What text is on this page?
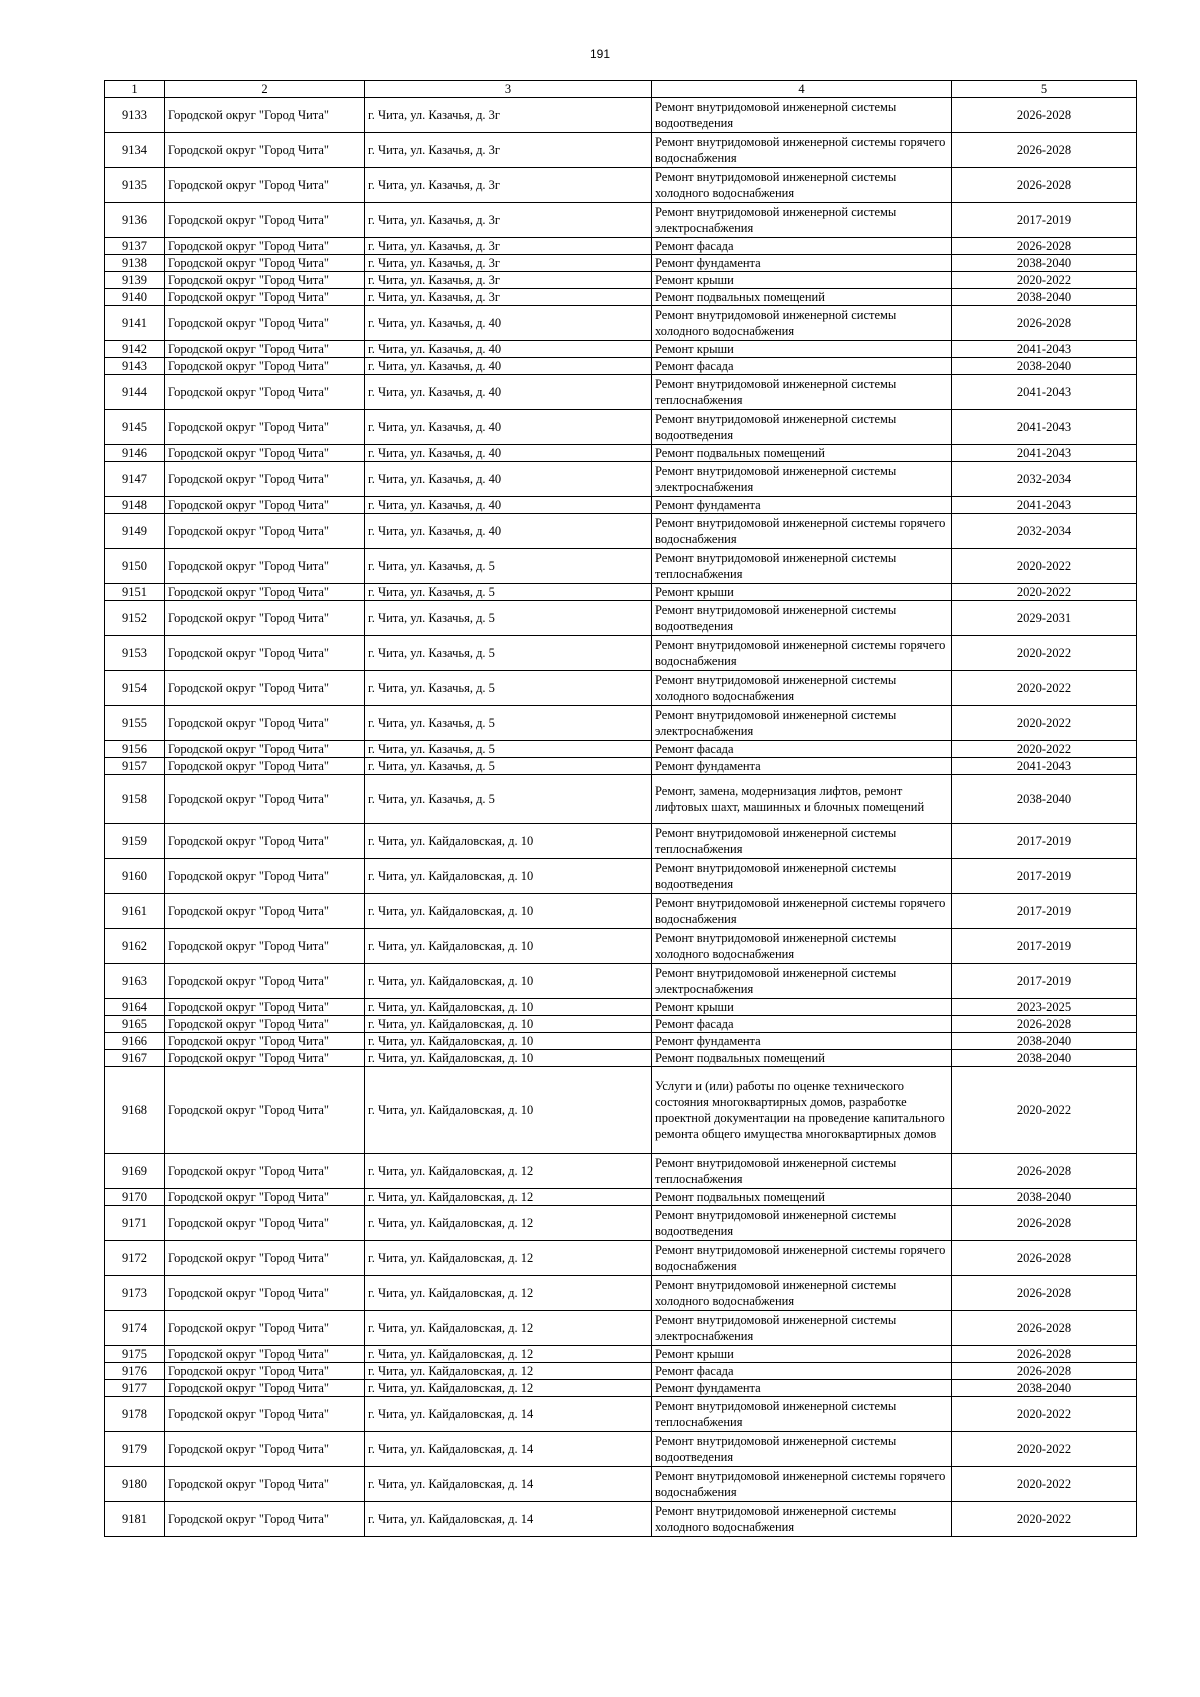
191
1	2	3	4	5
9133	Городской округ "Город Чита"	г. Чита, ул. Казачья, д. 3г	Ремонт внутридомовой инженерной системы водоотведения	2026-2028
9134	Городской округ "Город Чита"	г. Чита, ул. Казачья, д. 3г	Ремонт внутридомовой инженерной системы горячего водоснабжения	2026-2028
9135	Городской округ "Город Чита"	г. Чита, ул. Казачья, д. 3г	Ремонт внутридомовой инженерной системы холодного водоснабжения	2026-2028
9136	Городской округ "Город Чита"	г. Чита, ул. Казачья, д. 3г	Ремонт внутридомовой инженерной системы электроснабжения	2017-2019
9137	Городской округ "Город Чита"	г. Чита, ул. Казачья, д. 3г	Ремонт фасада	2026-2028
9138	Городской округ "Город Чита"	г. Чита, ул. Казачья, д. 3г	Ремонт фундамента	2038-2040
9139	Городской округ "Город Чита"	г. Чита, ул. Казачья, д. 3г	Ремонт крыши	2020-2022
9140	Городской округ "Город Чита"	г. Чита, ул. Казачья, д. 3г	Ремонт подвальных помещений	2038-2040
9141	Городской округ "Город Чита"	г. Чита, ул. Казачья, д. 40	Ремонт внутридомовой инженерной системы холодного водоснабжения	2026-2028
9142	Городской округ "Город Чита"	г. Чита, ул. Казачья, д. 40	Ремонт крыши	2041-2043
9143	Городской округ "Город Чита"	г. Чита, ул. Казачья, д. 40	Ремонт фасада	2038-2040
9144	Городской округ "Город Чита"	г. Чита, ул. Казачья, д. 40	Ремонт внутридомовой инженерной системы теплоснабжения	2041-2043
9145	Городской округ "Город Чита"	г. Чита, ул. Казачья, д. 40	Ремонт внутридомовой инженерной системы водоотведения	2041-2043
9146	Городской округ "Город Чита"	г. Чита, ул. Казачья, д. 40	Ремонт подвальных помещений	2041-2043
9147	Городской округ "Город Чита"	г. Чита, ул. Казачья, д. 40	Ремонт внутридомовой инженерной системы электроснабжения	2032-2034
9148	Городской округ "Город Чита"	г. Чита, ул. Казачья, д. 40	Ремонт фундамента	2041-2043
9149	Городской округ "Город Чита"	г. Чита, ул. Казачья, д. 40	Ремонт внутридомовой инженерной системы горячего водоснабжения	2032-2034
9150	Городской округ "Город Чита"	г. Чита, ул. Казачья, д. 5	Ремонт внутридомовой инженерной системы теплоснабжения	2020-2022
9151	Городской округ "Город Чита"	г. Чита, ул. Казачья, д. 5	Ремонт крыши	2020-2022
9152	Городской округ "Город Чита"	г. Чита, ул. Казачья, д. 5	Ремонт внутридомовой инженерной системы водоотведения	2029-2031
9153	Городской округ "Город Чита"	г. Чита, ул. Казачья, д. 5	Ремонт внутридомовой инженерной системы горячего водоснабжения	2020-2022
9154	Городской округ "Город Чита"	г. Чита, ул. Казачья, д. 5	Ремонт внутридомовой инженерной системы холодного водоснабжения	2020-2022
9155	Городской округ "Город Чита"	г. Чита, ул. Казачья, д. 5	Ремонт внутридомовой инженерной системы электроснабжения	2020-2022
9156	Городской округ "Город Чита"	г. Чита, ул. Казачья, д. 5	Ремонт фасада	2020-2022
9157	Городской округ "Город Чита"	г. Чита, ул. Казачья, д. 5	Ремонт фундамента	2041-2043
9158	Городской округ "Город Чита"	г. Чита, ул. Казачья, д. 5	Ремонт, замена, модернизация лифтов, ремонт лифтовых шахт, машинных и блочных помещений	2038-2040
9159	Городской округ "Город Чита"	г. Чита, ул. Кайдаловская, д. 10	Ремонт внутридомовой инженерной системы теплоснабжения	2017-2019
9160	Городской округ "Город Чита"	г. Чита, ул. Кайдаловская, д. 10	Ремонт внутридомовой инженерной системы водоотведения	2017-2019
9161	Городской округ "Город Чита"	г. Чита, ул. Кайдаловская, д. 10	Ремонт внутридомовой инженерной системы горячего водоснабжения	2017-2019
9162	Городской округ "Город Чита"	г. Чита, ул. Кайдаловская, д. 10	Ремонт внутридомовой инженерной системы холодного водоснабжения	2017-2019
9163	Городской округ "Город Чита"	г. Чита, ул. Кайдаловская, д. 10	Ремонт внутридомовой инженерной системы электроснабжения	2017-2019
9164	Городской округ "Город Чита"	г. Чита, ул. Кайдаловская, д. 10	Ремонт крыши	2023-2025
9165	Городской округ "Город Чита"	г. Чита, ул. Кайдаловская, д. 10	Ремонт фасада	2026-2028
9166	Городской округ "Город Чита"	г. Чита, ул. Кайдаловская, д. 10	Ремонт фундамента	2038-2040
9167	Городской округ "Город Чита"	г. Чита, ул. Кайдаловская, д. 10	Ремонт подвальных помещений	2038-2040
9168	Городской округ "Город Чита"	г. Чита, ул. Кайдаловская, д. 10	Услуги и (или) работы по оценке технического состояния многоквартирных домов, разработке проектной документации на проведение капитального ремонта общего имущества многоквартирных домов	2020-2022
9169	Городской округ "Город Чита"	г. Чита, ул. Кайдаловская, д. 12	Ремонт внутридомовой инженерной системы теплоснабжения	2026-2028
9170	Городской округ "Город Чита"	г. Чита, ул. Кайдаловская, д. 12	Ремонт подвальных помещений	2038-2040
9171	Городской округ "Город Чита"	г. Чита, ул. Кайдаловская, д. 12	Ремонт внутридомовой инженерной системы водоотведения	2026-2028
9172	Городской округ "Город Чита"	г. Чита, ул. Кайдаловская, д. 12	Ремонт внутридомовой инженерной системы горячего водоснабжения	2026-2028
9173	Городской округ "Город Чита"	г. Чита, ул. Кайдаловская, д. 12	Ремонт внутридомовой инженерной системы холодного водоснабжения	2026-2028
9174	Городской округ "Город Чита"	г. Чита, ул. Кайдаловская, д. 12	Ремонт внутридомовой инженерной системы электроснабжения	2026-2028
9175	Городской округ "Город Чита"	г. Чита, ул. Кайдаловская, д. 12	Ремонт крыши	2026-2028
9176	Городской округ "Город Чита"	г. Чита, ул. Кайдаловская, д. 12	Ремонт фасада	2026-2028
9177	Городской округ "Город Чита"	г. Чита, ул. Кайдаловская, д. 12	Ремонт фундамента	2038-2040
9178	Городской округ "Город Чита"	г. Чита, ул. Кайдаловская, д. 14	Ремонт внутридомовой инженерной системы теплоснабжения	2020-2022
9179	Городской округ "Город Чита"	г. Чита, ул. Кайдаловская, д. 14	Ремонт внутридомовой инженерной системы водоотведения	2020-2022
9180	Городской округ "Город Чита"	г. Чита, ул. Кайдаловская, д. 14	Ремонт внутридомовой инженерной системы горячего водоснабжения	2020-2022
9181	Городской округ "Город Чита"	г. Чита, ул. Кайдаловская, д. 14	Ремонт внутридомовой инженерной системы холодного водоснабжения	2020-2022
